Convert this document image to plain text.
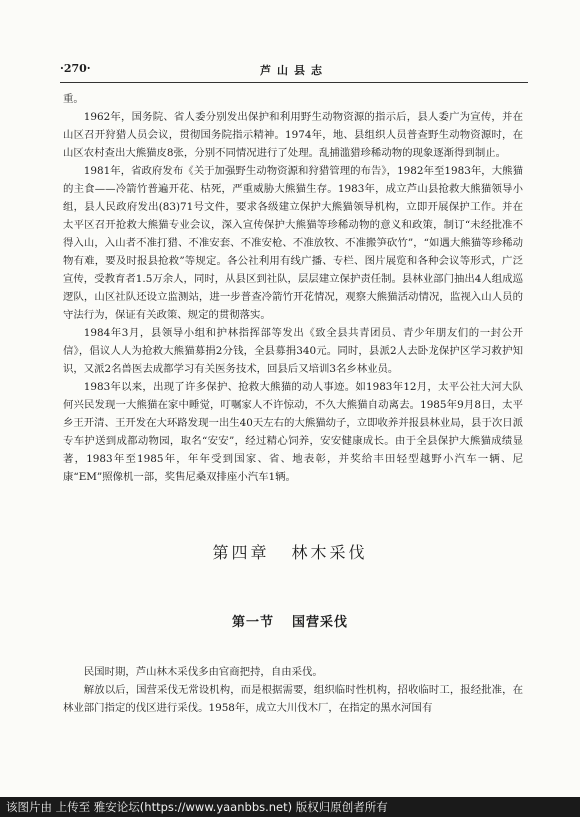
·270·	芦山县志

重。

1962年，国务院、省人委分别发出保护和利用野生动物资源的指示后，县人委广为宣传，并在山区召开狩猎人员会议，贯彻国务院指示精神。1974年，地、县组织人员普查野生动物资源时，在山区农村查出大熊猫皮8张，分别不同情况进行了处理。乱捕滥猎珍稀动物的现象逐渐得到制止。

1981年，省政府发布《关于加强野生动物资源和狩猎管理的布告》，1982年至1983年，大熊猫的主食——冷箭竹普遍开花、枯死，严重威胁大熊猫生存。1983年，成立芦山县抢救大熊猫领导小组，县人民政府发出(83)71号文件，要求各级建立保护大熊猫领导机构，立即开展保护工作。并在太平区召开抢救大熊猫专业会议，深入宣传保护大熊猫等珍稀动物的意义和政策，制订“未经批准不得入山，入山者不准打猎、不准安套、不准安枪、不准放牧、不准搬笋砍竹”，“如遇大熊猫等珍稀动物有难，要及时报县抢救”等规定。各公社利用有线广播、专栏、图片展览和各种会议等形式，广泛宣传，受教育者1.5万余人，同时，从县区到社队，层层建立保护责任制。县林业部门抽出4人组成巡逻队，山区社队还设立监测站，进一步普查冷箭竹开花情况，观察大熊猫活动情况，监视入山人员的守法行为，保证有关政策、规定的贯彻落实。

1984年3月，县领导小组和护林指挥部等发出《致全县共青团员、青少年朋友们的一封公开信》，倡议人人为抢救大熊猫募捐2分钱，全县募捐340元。同时，县派2人去卧龙保护区学习救护知识，又派2名兽医去成都学习有关医务技术，回县后又培训3名乡林业员。

1983年以来，出现了许多保护、抢救大熊猫的动人事迹。如1983年12月，太平公社大河大队何兴民发现一大熊猫在家中睡觉，叮嘱家人不许惊动，不久大熊猫自动离去。1985年9月8日，太平乡王开清、王开发在大环路发现一出生40天左右的大熊猫幼子，立即收养并报县林业局，县于次日派专车护送到成都动物园，取名“安安”，经过精心饲养，安安健康成长。由于全县保护大熊猫成绩显著，1983年至1985年，年年受到国家、省、地表彰，并奖给丰田轻型越野小汽车一辆、尼康“EM”照像机一部，奖售尼桑双排座小汽车1辆。

第四章 林木采伐
第一节 国营采伐

民国时期，芦山林木采伐多由官商把持，自由采伐。

解放以后，国营采伐无常设机构，而是根据需要，组织临时性机构，招收临时工，报经批准，在林业部门指定的伐区进行采伐。1958年，成立大川伐木厂，在指定的黑水河国有

该图片由 上传至 雅安论坛(https://www.yaanbbs.net) 版权归原创者所有
